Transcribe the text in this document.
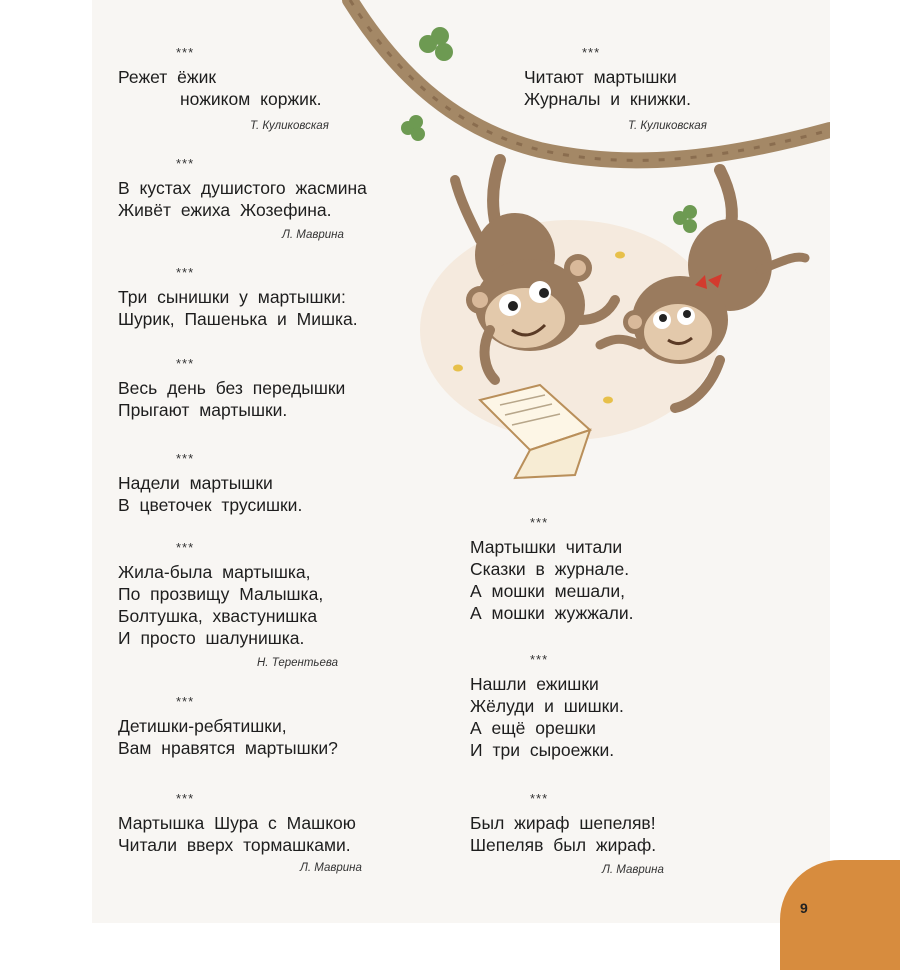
***
Режет ёжик
ножиком коржик.
Т. Куликовская
***
В кустах душистого жасмина
Живёт ежиха Жозефина.
Л. Маврина
***
Три сынишки у мартышки:
Шурик, Пашенька и Мишка.
***
Весь день без передышки
Прыгают мартышки.
***
Надели мартышки
В цветочек трусишки.
***
Жила-была мартышка,
По прозвищу Малышка,
Болтушка, хвастунишка
И просто шалунишка.
Н. Терентьева
***
Детишки-ребятишки,
Вам нравятся мартышки?
***
Мартышка Шура с Машкою
Читали вверх тормашками.
Л. Маврина
***
Читают мартышки
Журналы и книжки.
Т. Куликовская
***
Мартышки читали
Сказки в журнале.
А мошки мешали,
А мошки жужжали.
***
Нашли ежишки
Жёлуди и шишки.
А ещё орешки
И три сыроежки.
***
Был жираф шепеляв!
Шепеляв был жираф.
Л. Маврина
9
